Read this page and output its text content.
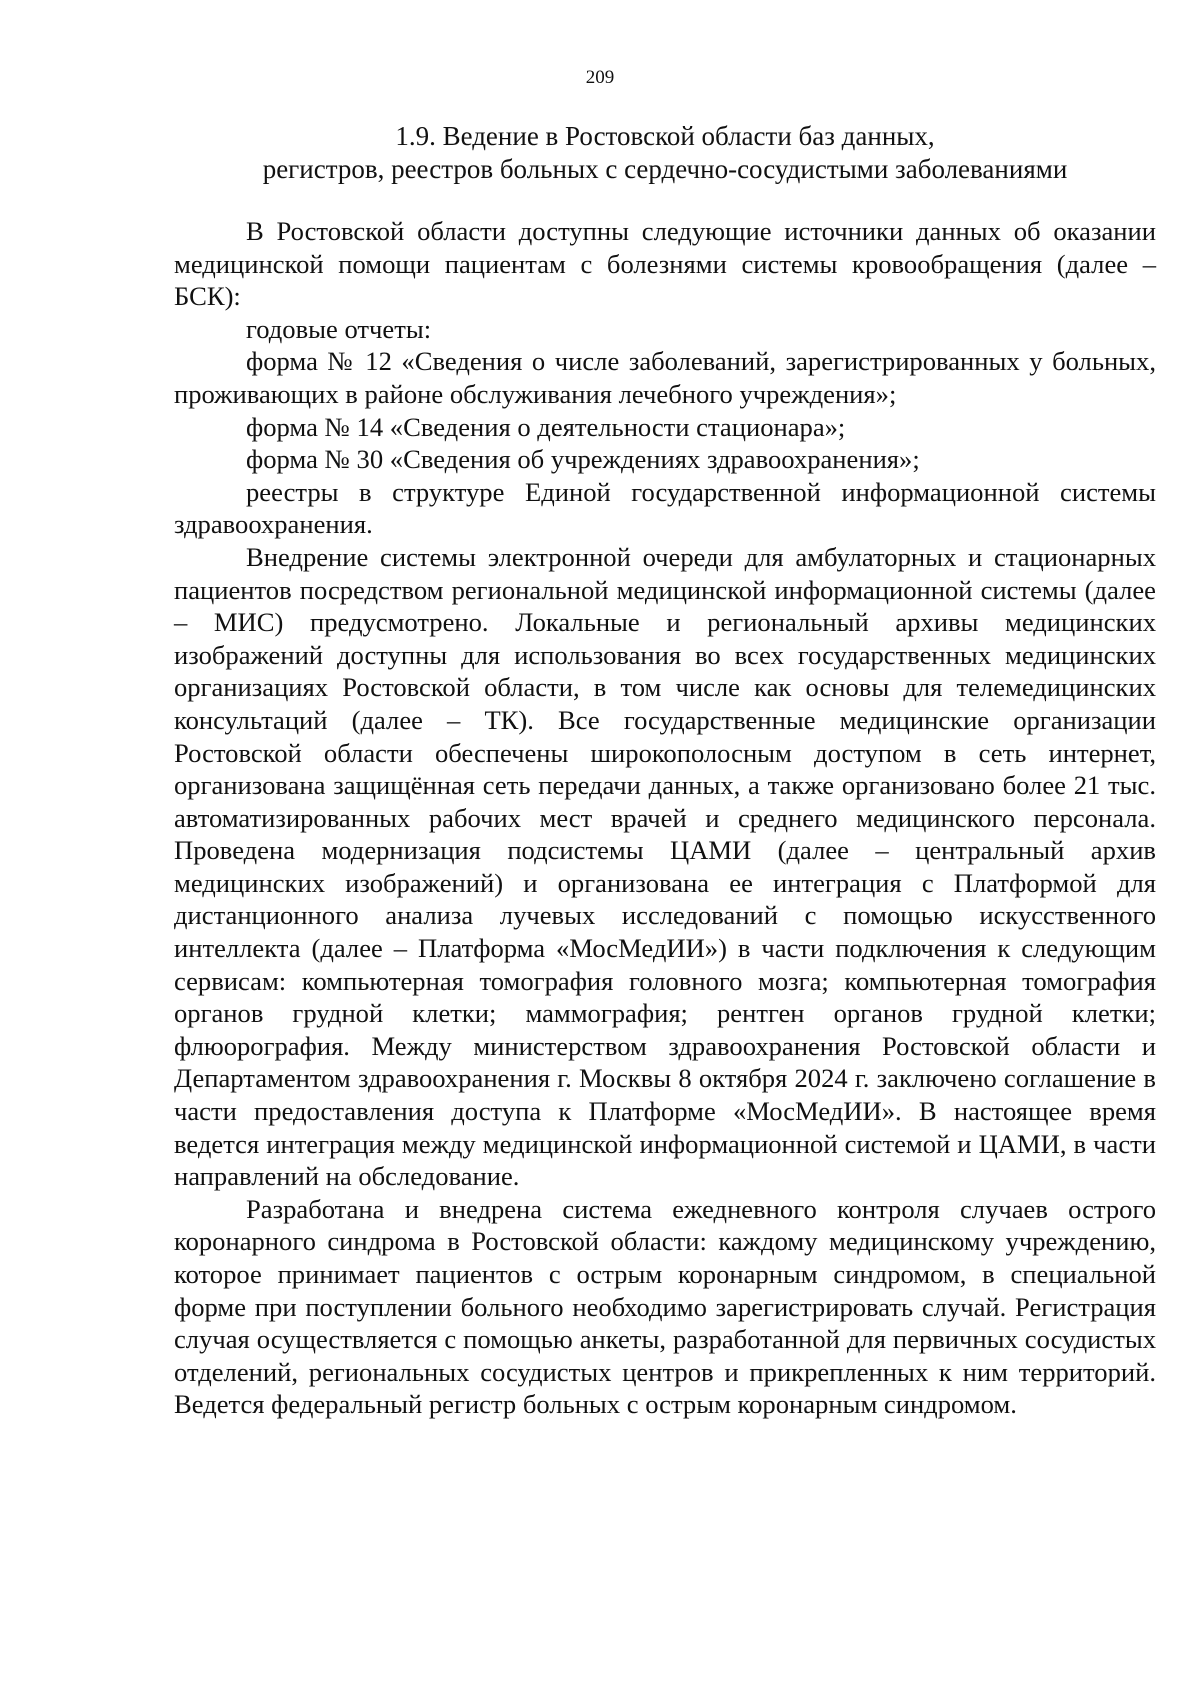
209
1.9. Ведение в Ростовской области баз данных,
регистров, реестров больных с сердечно-сосудистыми заболеваниями

В Ростовской области доступны следующие источники данных об оказании медицинской помощи пациентам с болезнями системы кровообращения (далее – БСК):

годовые отчеты:

форма № 12 «Сведения о числе заболеваний, зарегистрированных у больных, проживающих в районе обслуживания лечебного учреждения»;

форма № 14 «Сведения о деятельности стационара»;

форма № 30 «Сведения об учреждениях здравоохранения»;

реестры в структуре Единой государственной информационной системы здравоохранения.

Внедрение системы электронной очереди для амбулаторных и стационарных пациентов посредством региональной медицинской информационной системы (далее – МИС) предусмотрено. Локальные и региональный архивы медицинских изображений доступны для использования во всех государственных медицинских организациях Ростовской области, в том числе как основы для телемедицинских консультаций (далее – ТК). Все государственные медицинские организации Ростовской области обеспечены широкополосным доступом в сеть интернет, организована защищённая сеть передачи данных, а также организовано более 21 тыс. автоматизированных рабочих мест врачей и среднего медицинского персонала. Проведена модернизация подсистемы ЦАМИ (далее – центральный архив медицинских изображений) и организована ее интеграция с Платформой для дистанционного анализа лучевых исследований с помощью искусственного интеллекта (далее – Платформа «МосМедИИ») в части подключения к следующим сервисам: компьютерная томография головного мозга; компьютерная томография органов грудной клетки; маммография; рентген органов грудной клетки; флюорография. Между министерством здравоохранения Ростовской области и Департаментом здравоохранения г. Москвы 8 октября 2024 г. заключено соглашение в части предоставления доступа к Платформе «МосМедИИ». В настоящее время ведется интеграция между медицинской информационной системой и ЦАМИ, в части направлений на обследование.

Разработана и внедрена система ежедневного контроля случаев острого коронарного синдрома в Ростовской области: каждому медицинскому учреждению, которое принимает пациентов с острым коронарным синдромом, в специальной форме при поступлении больного необходимо зарегистрировать случай. Регистрация случая осуществляется с помощью анкеты, разработанной для первичных сосудистых отделений, региональных сосудистых центров и прикрепленных к ним территорий. Ведется федеральный регистр больных с острым коронарным синдромом.
